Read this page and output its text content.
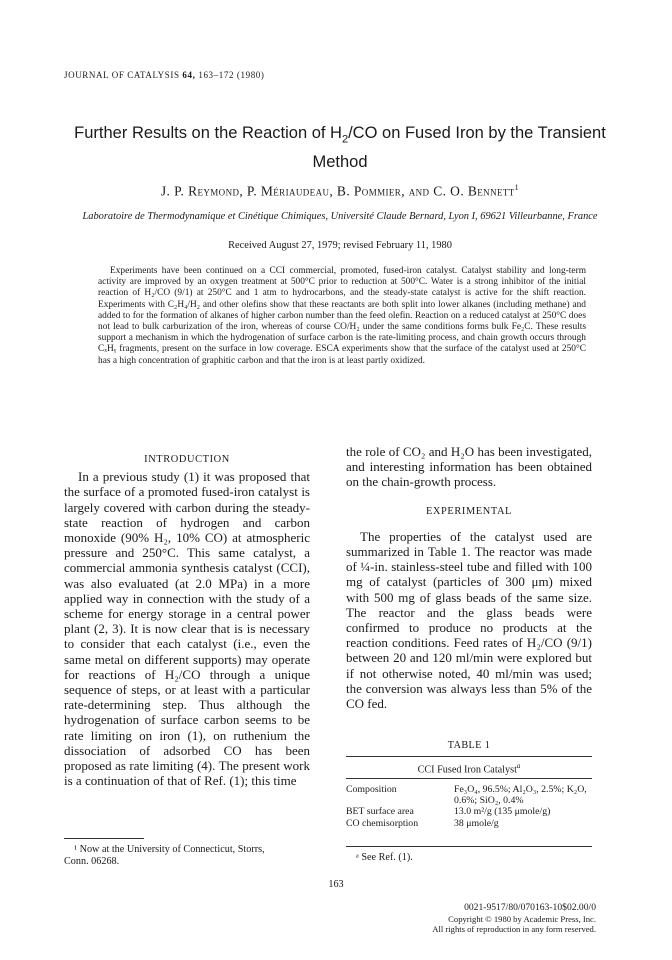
JOURNAL OF CATALYSIS 64, 163–172 (1980)
Further Results on the Reaction of $H_2/CO$ on Fused Iron by the Transient Method
J. P. Reymond, P. Mériaudeau, B. Pommier, and C. O. Bennett$^1$
Laboratoire de Thermodynamique et Cinétique Chimiques, Université Claude Bernard, Lyon I, 69621 Villeurbanne, France
Received August 27, 1979; revised February 11, 1980

Experiments have been continued on a CCI commercial, promoted, fused-iron catalyst. Catalyst stability and long-term activity are improved by an oxygen treatment at 500°C prior to reduction at 500°C. Water is a strong inhibitor of the initial reaction of H₂/CO (9/1) at 250°C and 1 atm to hydrocarbons, and the steady-state catalyst is active for the shift reaction. Experiments with C₂H₄/H₂ and other olefins show that these reactants are both split into lower alkanes (including methane) and added to for the formation of alkanes of higher carbon number than the feed olefin. Reaction on a reduced catalyst at 250°C does not lead to bulk carburization of the iron, whereas of course CO/H₂ under the same conditions forms bulk Fe₂C. These results support a mechanism in which the hydrogenation of surface carbon is the rate-limiting process, and chain growth occurs through CₓHᵧ fragments, present on the surface in low coverage. ESCA experiments show that the surface of the catalyst used at 250°C has a high concentration of graphitic carbon and that the iron is at least partly oxidized.

INTRODUCTION

In a previous study (1) it was proposed that the surface of a promoted fused-iron catalyst is largely covered with carbon during the steady-state reaction of hydrogen and carbon monoxide (90% H₂, 10% CO) at atmospheric pressure and 250°C. This same catalyst, a commercial ammonia synthesis catalyst (CCI), was also evaluated (at 2.0 MPa) in a more applied way in connection with the study of a scheme for energy storage in a central power plant (2, 3). It is now clear that is is necessary to consider that each catalyst (i.e., even the same metal on different supports) may operate for reactions of H₂/CO through a unique sequence of steps, or at least with a particular rate-determining step. Thus although the hydrogenation of surface carbon seems to be rate limiting on iron (1), on ruthenium the dissociation of adsorbed CO has been proposed as rate limiting (4). The present work is a continuation of that of Ref. (1); this time

¹ Now at the University of Connecticut, Storrs,
Conn. 06268.

the role of CO₂ and H₂O has been investigated, and interesting information has been obtained on the chain-growth process.

EXPERIMENTAL

The properties of the catalyst used are summarized in Table 1. The reactor was made of ¼-in. stainless-steel tube and filled with 100 mg of catalyst (particles of 300 μm) mixed with 500 mg of glass beads of the same size. The reactor and the glass beads were confirmed to produce no products at the reaction conditions. Feed rates of H₂/CO (9/1) between 20 and 120 ml/min were explored but if not otherwise noted, 40 ml/min was used; the conversion was always less than 5% of the CO fed.

TABLE 1
CCI Fused Iron Catalyst$^a$
Composition	Fe₃O₄, 96.5%; Al₂O₃, 2.5%; K₂O, 0.6%; SiO₂, 0.4%
BET surface area	13.0 m²/g (135 μmole/g)
CO chemisorption	38 μmole/g
ᵃ See Ref. (1).
163
0021-9517/80/070163-10$02.00/0
Copyright © 1980 by Academic Press, Inc.
All rights of reproduction in any form reserved.
